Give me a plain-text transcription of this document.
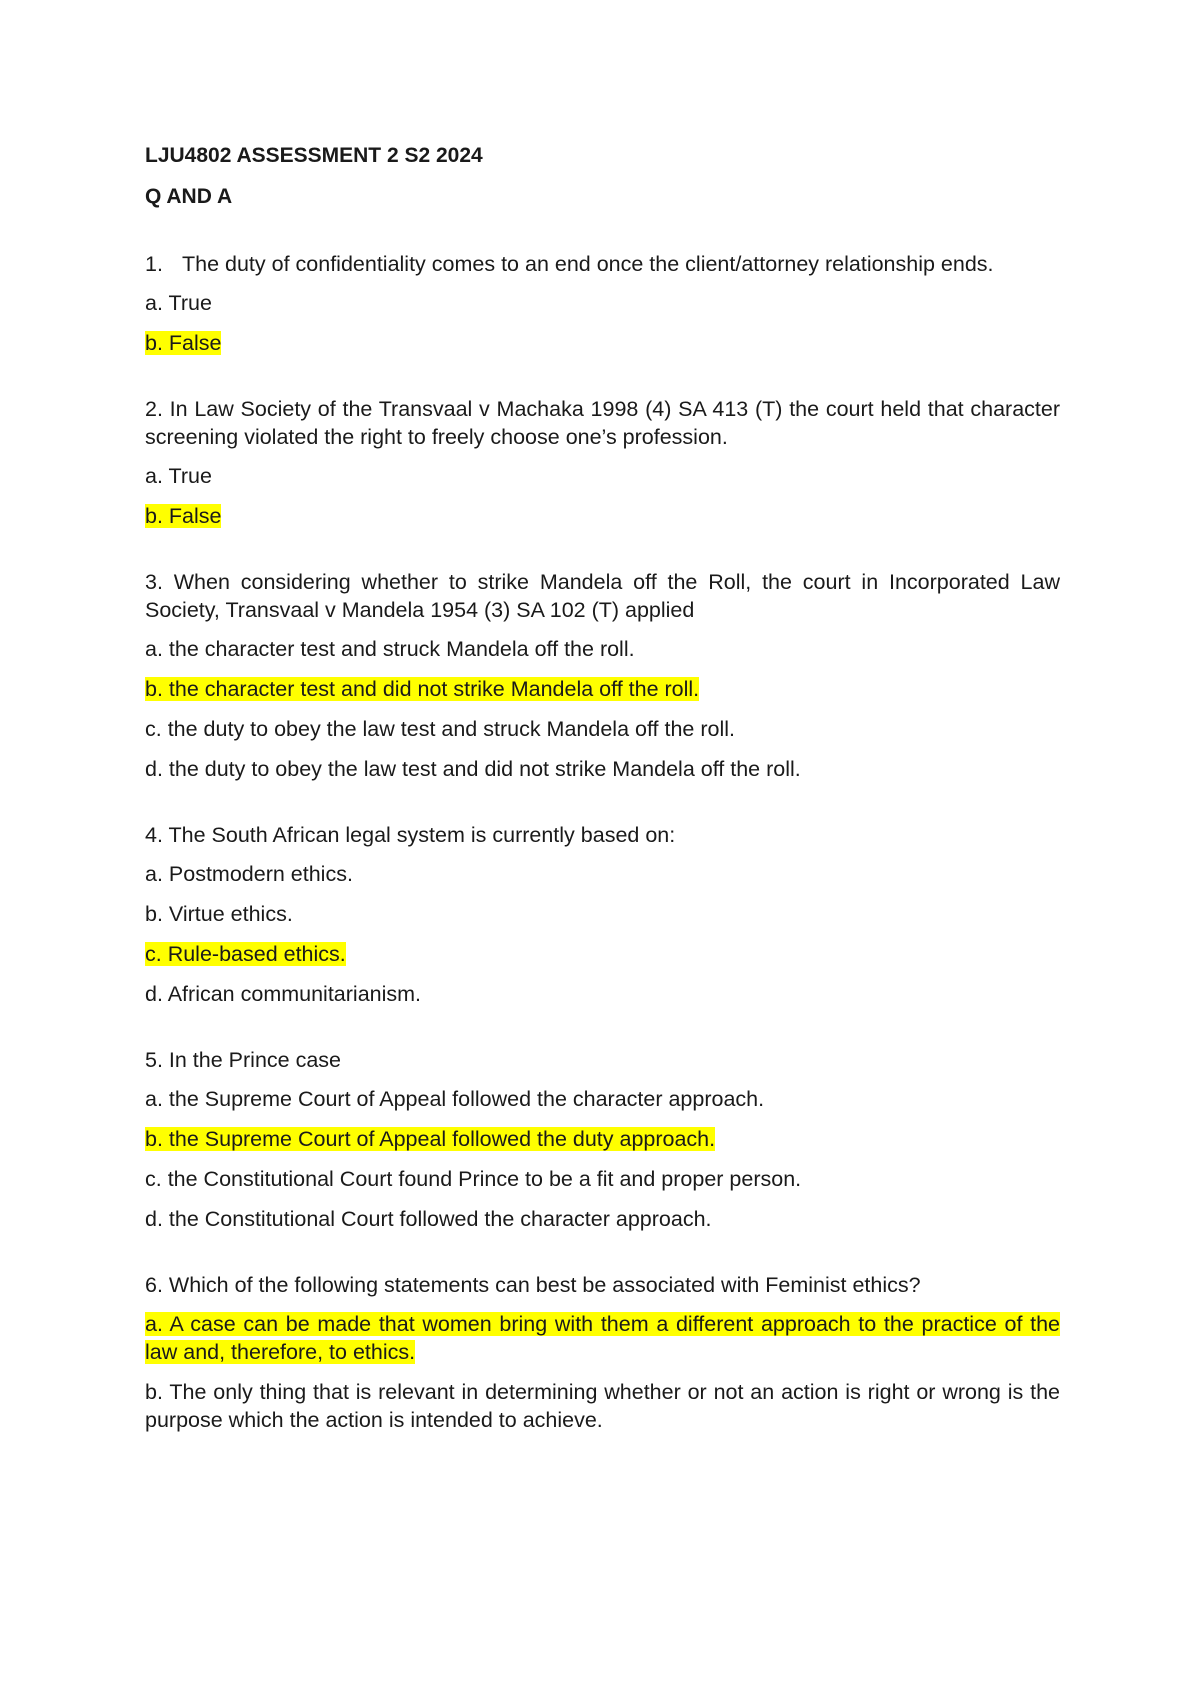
LJU4802 ASSESSMENT 2 S2 2024

Q AND A

1. The duty of confidentiality comes to an end once the client/attorney relationship ends.

a. True

b. False

2. In Law Society of the Transvaal v Machaka 1998 (4) SA 413 (T) the court held that character screening violated the right to freely choose one’s profession.

a. True

b. False

3. When considering whether to strike Mandela off the Roll, the court in Incorporated Law Society, Transvaal v Mandela 1954 (3) SA 102 (T) applied

a. the character test and struck Mandela off the roll.

b. the character test and did not strike Mandela off the roll.

c. the duty to obey the law test and struck Mandela off the roll.

d. the duty to obey the law test and did not strike Mandela off the roll.

4. The South African legal system is currently based on:

a. Postmodern ethics.

b. Virtue ethics.

c. Rule-based ethics.

d. African communitarianism.

5. In the Prince case

a. the Supreme Court of Appeal followed the character approach.

b. the Supreme Court of Appeal followed the duty approach.

c. the Constitutional Court found Prince to be a fit and proper person.

d. the Constitutional Court followed the character approach.

6. Which of the following statements can best be associated with Feminist ethics?

a. A case can be made that women bring with them a different approach to the practice of the law and, therefore, to ethics.

b. The only thing that is relevant in determining whether or not an action is right or wrong is the purpose which the action is intended to achieve.
